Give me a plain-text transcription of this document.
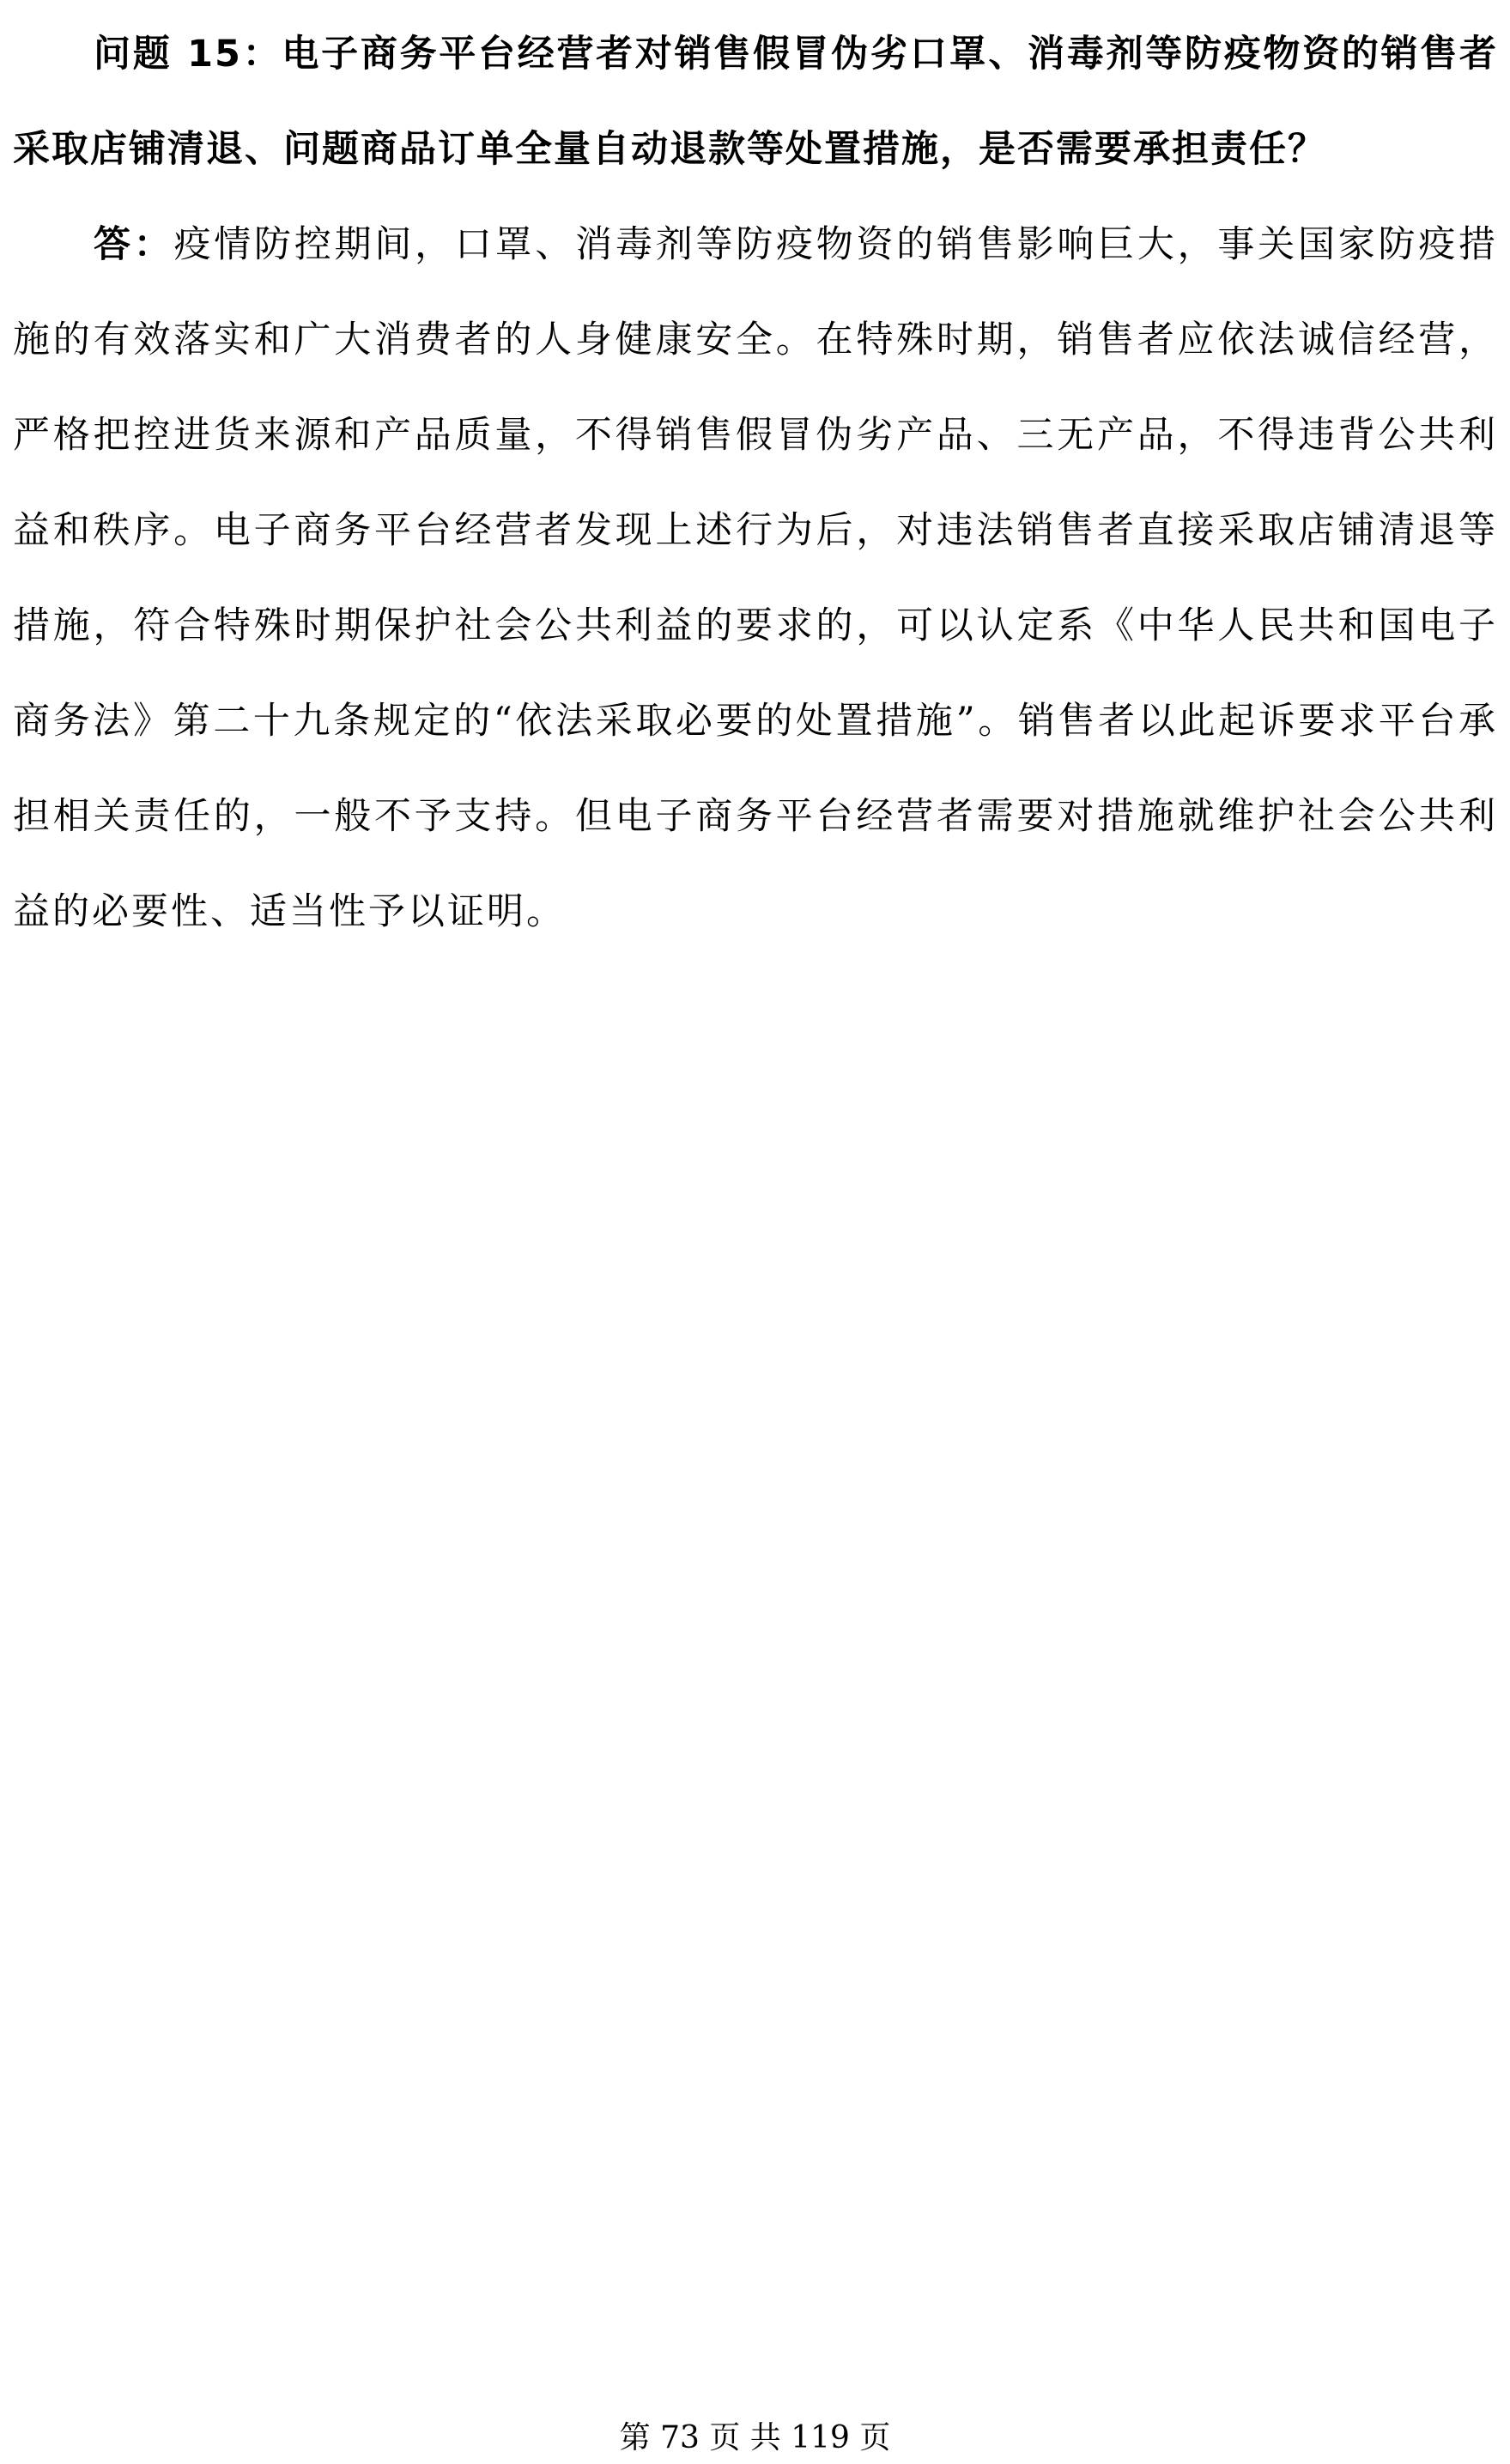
问题 15：电子商务平台经营者对销售假冒伪劣口罩、消毒剂等防疫物资的销售者采取店铺清退、问题商品订单全量自动退款等处置措施，是否需要承担责任？

答：疫情防控期间，口罩、消毒剂等防疫物资的销售影响巨大，事关国家防疫措施的有效落实和广大消费者的人身健康安全。在特殊时期，销售者应依法诚信经营，严格把控进货来源和产品质量，不得销售假冒伪劣产品、三无产品，不得违背公共利益和秩序。电子商务平台经营者发现上述行为后，对违法销售者直接采取店铺清退等措施，符合特殊时期保护社会公共利益的要求的，可以认定系《中华人民共和国电子商务法》第二十九条规定的“依法采取必要的处置措施”。销售者以此起诉要求平台承担相关责任的，一般不予支持。但电子商务平台经营者需要对措施就维护社会公共利益的必要性、适当性予以证明。

第 73 页 共 119 页
